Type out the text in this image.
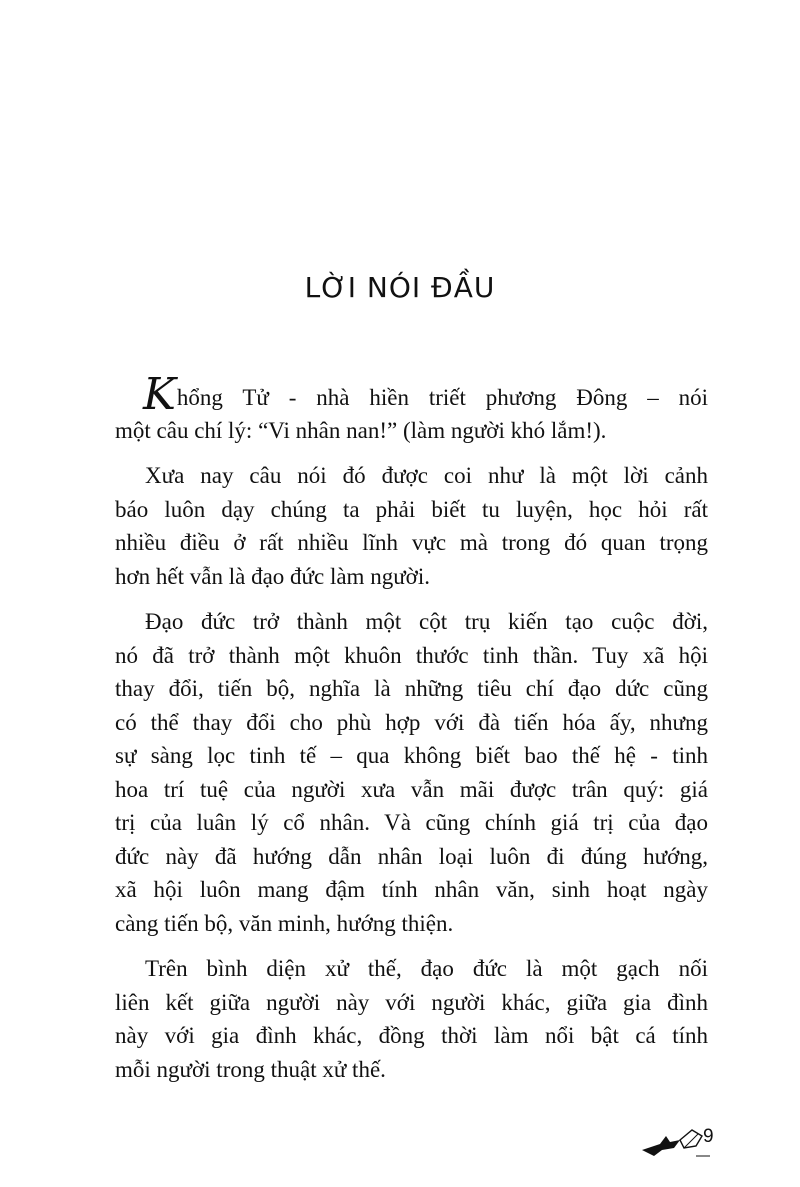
LỜI NÓI ĐẦU
Khổng Tử - nhà hiền triết phương Đông – nói
một câu chí lý: “Vi nhân nan!” (làm người khó lắm!).
Xưa nay câu nói đó được coi như là một lời cảnh
báo luôn dạy chúng ta phải biết tu luyện, học hỏi rất
nhiều điều ở rất nhiều lĩnh vực mà trong đó quan trọng
hơn hết vẫn là đạo đức làm người.
Đạo đức trở thành một cột trụ kiến tạo cuộc đời,
nó đã trở thành một khuôn thước tinh thần. Tuy xã hội
thay đổi, tiến bộ, nghĩa là những tiêu chí đạo dức cũng
có thể thay đổi cho phù hợp với đà tiến hóa ấy, nhưng
sự sàng lọc tinh tế – qua không biết bao thế hệ - tinh
hoa trí tuệ của người xưa vẫn mãi được trân quý: giá
trị của luân lý cổ nhân. Và cũng chính giá trị của đạo
đức này đã hướng dẫn nhân loại luôn đi đúng hướng,
xã hội luôn mang đậm tính nhân văn, sinh hoạt ngày
càng tiến bộ, văn minh, hướng thiện.
Trên bình diện xử thế, đạo đức là một gạch nối
liên kết giữa người này với người khác, giữa gia đình
này với gia đình khác, đồng thời làm nổi bật cá tính
mỗi người trong thuật xử thế.
9
